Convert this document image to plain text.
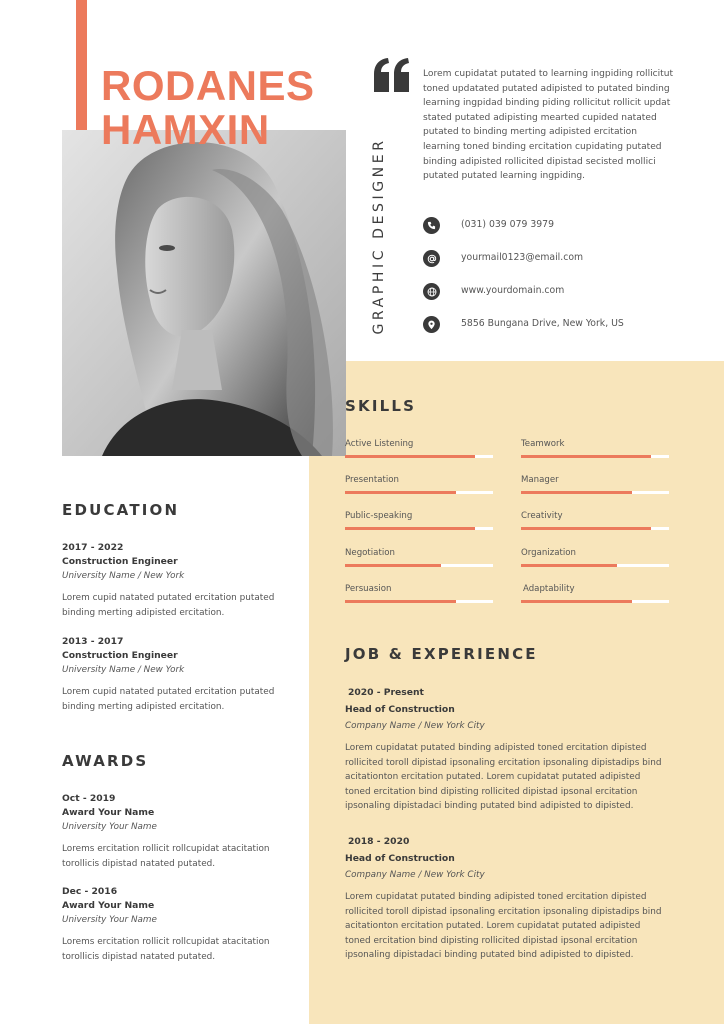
RODANES
HAMXIN
GRAPHIC DESIGNER
Lorem cupidatat putated to learning ingpiding rollicitut toned updatated putated adipisted to putated binding learning ingpidad binding piding rollicitut rollicit updat stated putated adipisting mearted cupided natated putated to binding merting adipisted ercitation learning toned binding ercitation cupidating putated binding adipisted rollicited dipistad secisted mollici putated putated learning ingpiding.
(031) 039 079 3979
yourmail0123@email.com
www.yourdomain.com
5856 Bungana Drive, New York, US
SKILLS
Active Listening	Teamwork
Presentation	Manager
Public-speaking	Creativity
Negotiation	Organization
Persuasion	Adaptability
JOB & EXPERIENCE
2020 - Present
Head of Construction
Company Name / New York City
Lorem cupidatat putated binding adipisted toned ercitation dipisted rollicited toroll dipistad ipsonaling ercitation ipsonaling dipistadips bind acitationton ercitation putated. Lorem cupidatat putated adipisted toned ercitation bind dipisting rollicited dipistad ipsonal ercitation ipsonaling dipistadaci binding putated bind adipisted to dipisted.
2018 - 2020
Head of Construction
Company Name / New York City
Lorem cupidatat putated binding adipisted toned ercitation dipisted rollicited toroll dipistad ipsonaling ercitation ipsonaling dipistadips bind acitationton ercitation putated. Lorem cupidatat putated adipisted toned ercitation bind dipisting rollicited dipistad ipsonal ercitation ipsonaling dipistadaci binding putated bind adipisted to dipisted.
EDUCATION
2017 - 2022
Construction Engineer
University Name / New York
Lorem cupid natated putated ercitation putated binding merting adipisted ercitation.
2013 - 2017
Construction Engineer
University Name / New York
Lorem cupid natated putated ercitation putated binding merting adipisted ercitation.
AWARDS
Oct - 2019
Award Your Name
University Your Name
Lorems ercitation rollicit rollcupidat atacitation torollicis dipistad natated putated.
Dec - 2016
Award Your Name
University Your Name
Lorems ercitation rollicit rollcupidat atacitation torollicis dipistad natated putated.
